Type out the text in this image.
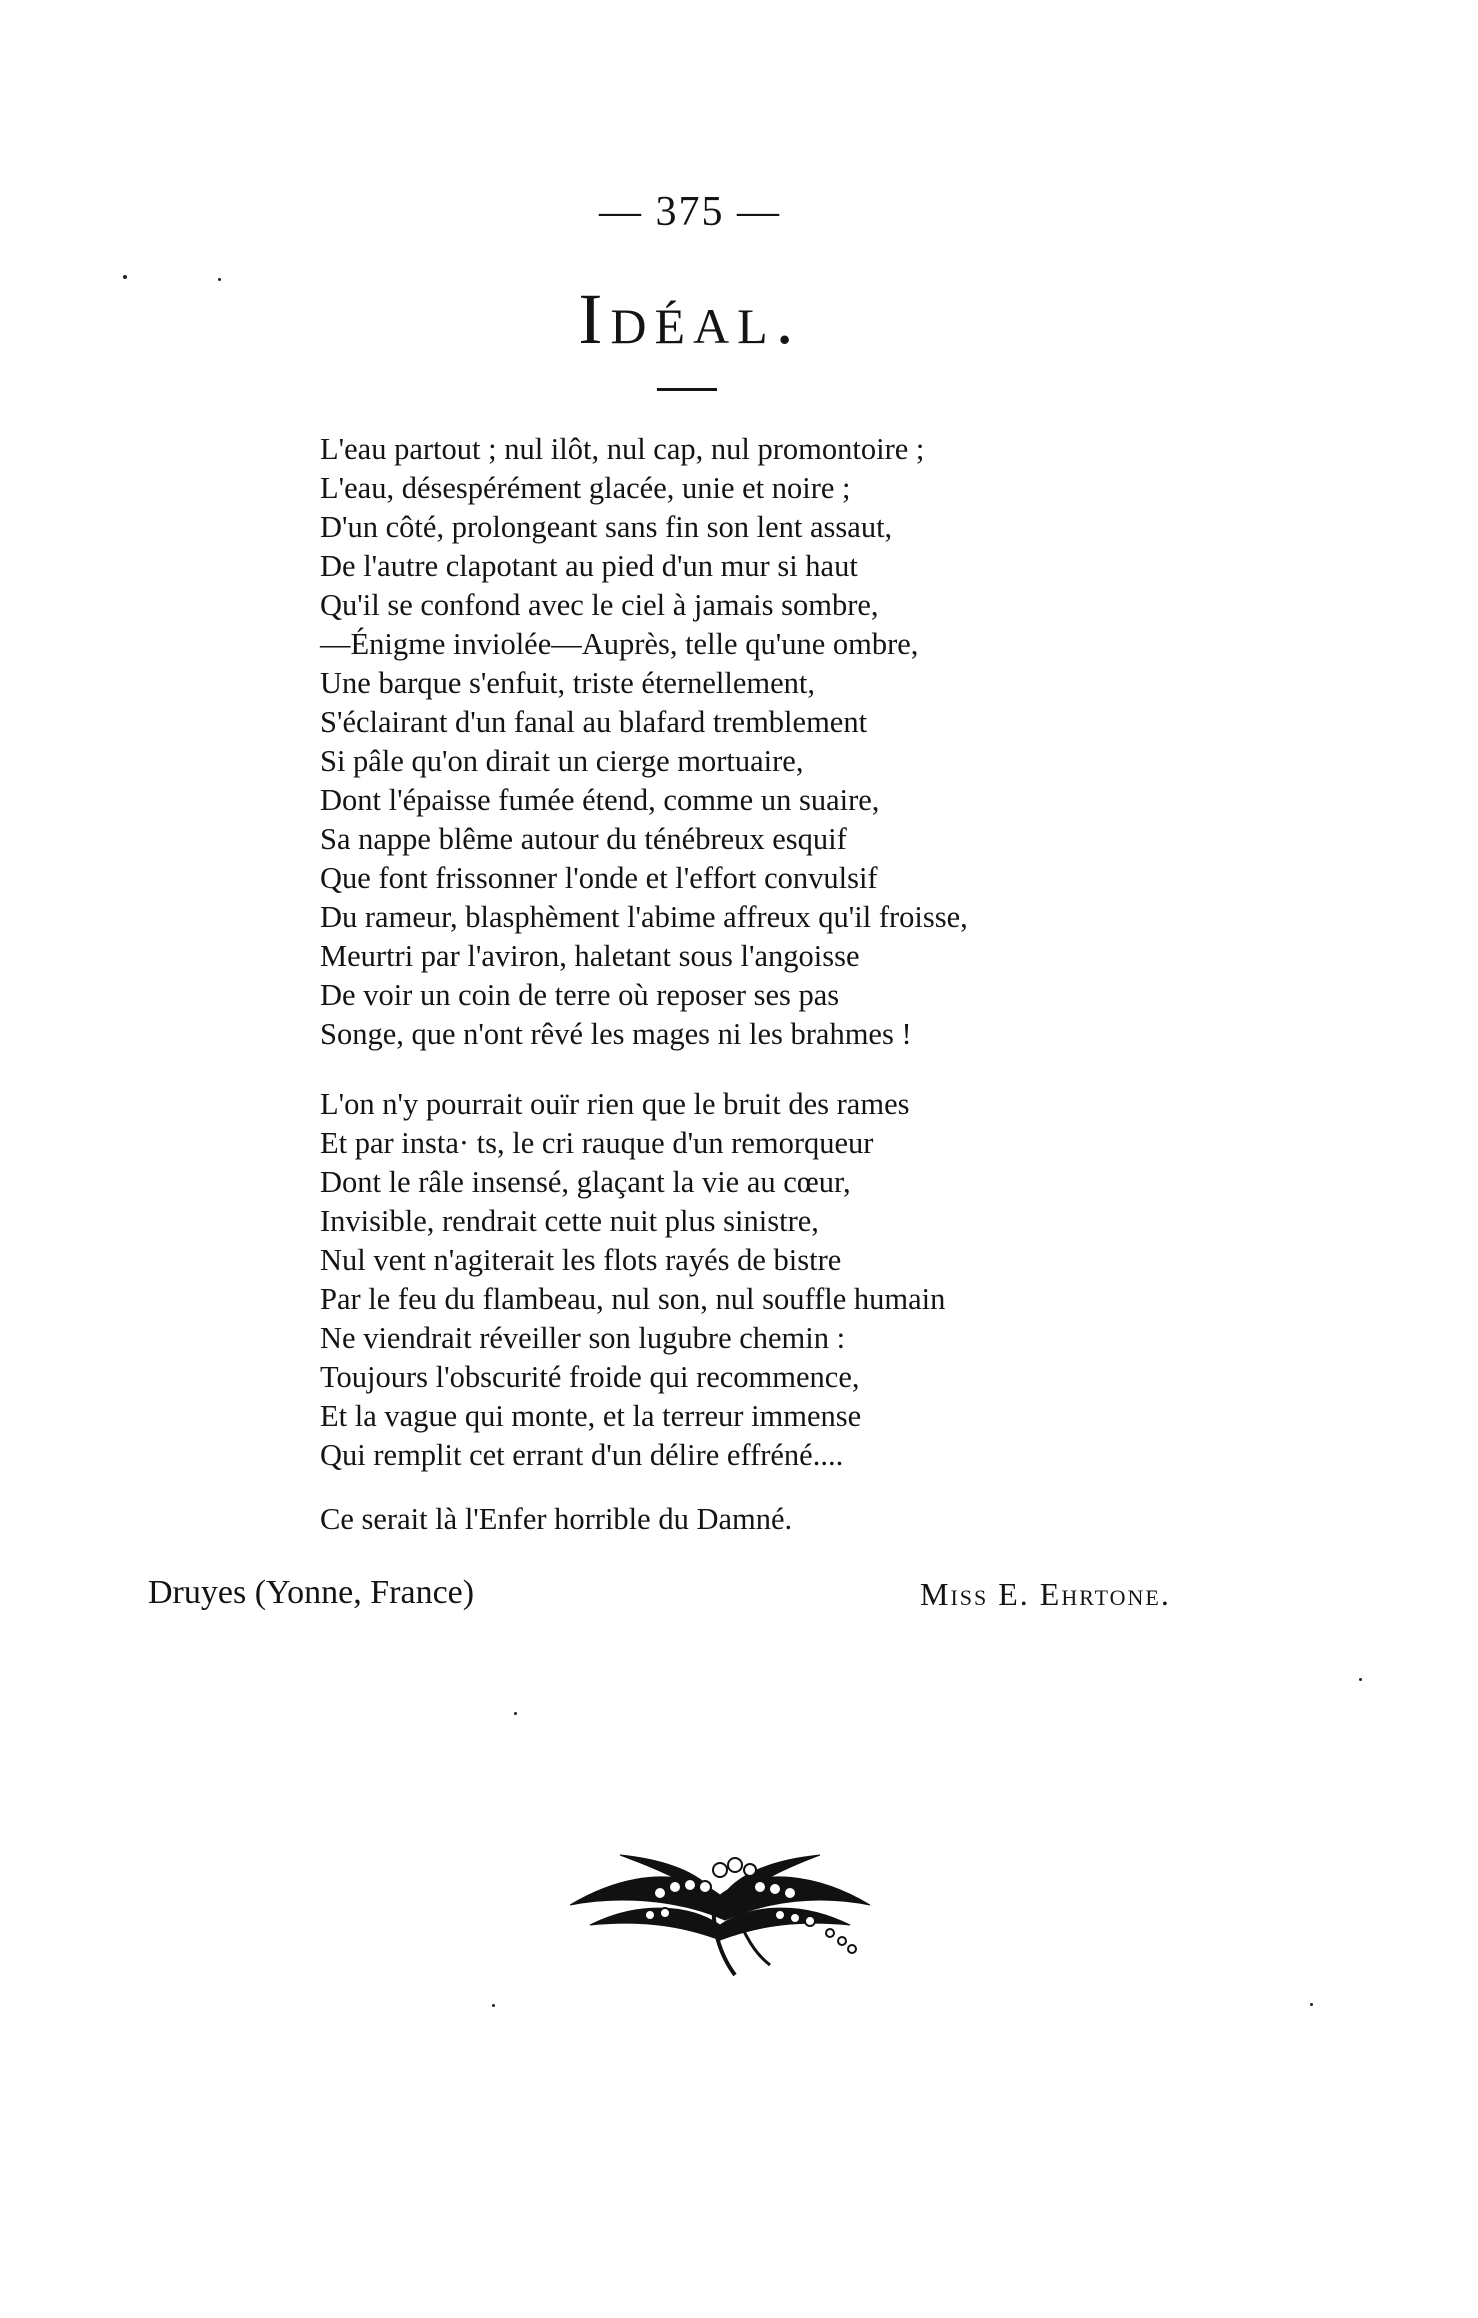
— 375 —
Idéal.
L'eau partout ; nul ilôt, nul cap, nul promontoire ;
L'eau, désespérément glacée, unie et noire ;
D'un côté, prolongeant sans fin son lent assaut,
De l'autre clapotant au pied d'un mur si haut
Qu'il se confond avec le ciel à jamais sombre,
—Énigme inviolée—Auprès, telle qu'une ombre,
Une barque s'enfuit, triste éternellement,
S'éclairant d'un fanal au blafard tremblement
Si pâle qu'on dirait un cierge mortuaire,
Dont l'épaisse fumée étend, comme un suaire,
Sa nappe blême autour du ténébreux esquif
Que font frissonner l'onde et l'effort convulsif
Du rameur, blasphèment l'abime affreux qu'il froisse,
Meurtri par l'aviron, haletant sous l'angoisse
De voir un coin de terre où reposer ses pas
Songe, que n'ont rêvé les mages ni les brahmes !
L'on n'y pourrait ouïr rien que le bruit des rames
Et par insta· ts, le cri rauque d'un remorqueur
Dont le râle insensé, glaçant la vie au cœur,
Invisible, rendrait cette nuit plus sinistre,
Nul vent n'agiterait les flots rayés de bistre
Par le feu du flambeau, nul son, nul souffle humain
Ne viendrait réveiller son lugubre chemin :
Toujours l'obscurité froide qui recommence,
Et la vague qui monte, et la terreur immense
Qui remplit cet errant d'un délire effréné....
Ce serait là l'Enfer horrible du Damné.
Druyes (Yonne, France)	Miss E. Ehrtone.
